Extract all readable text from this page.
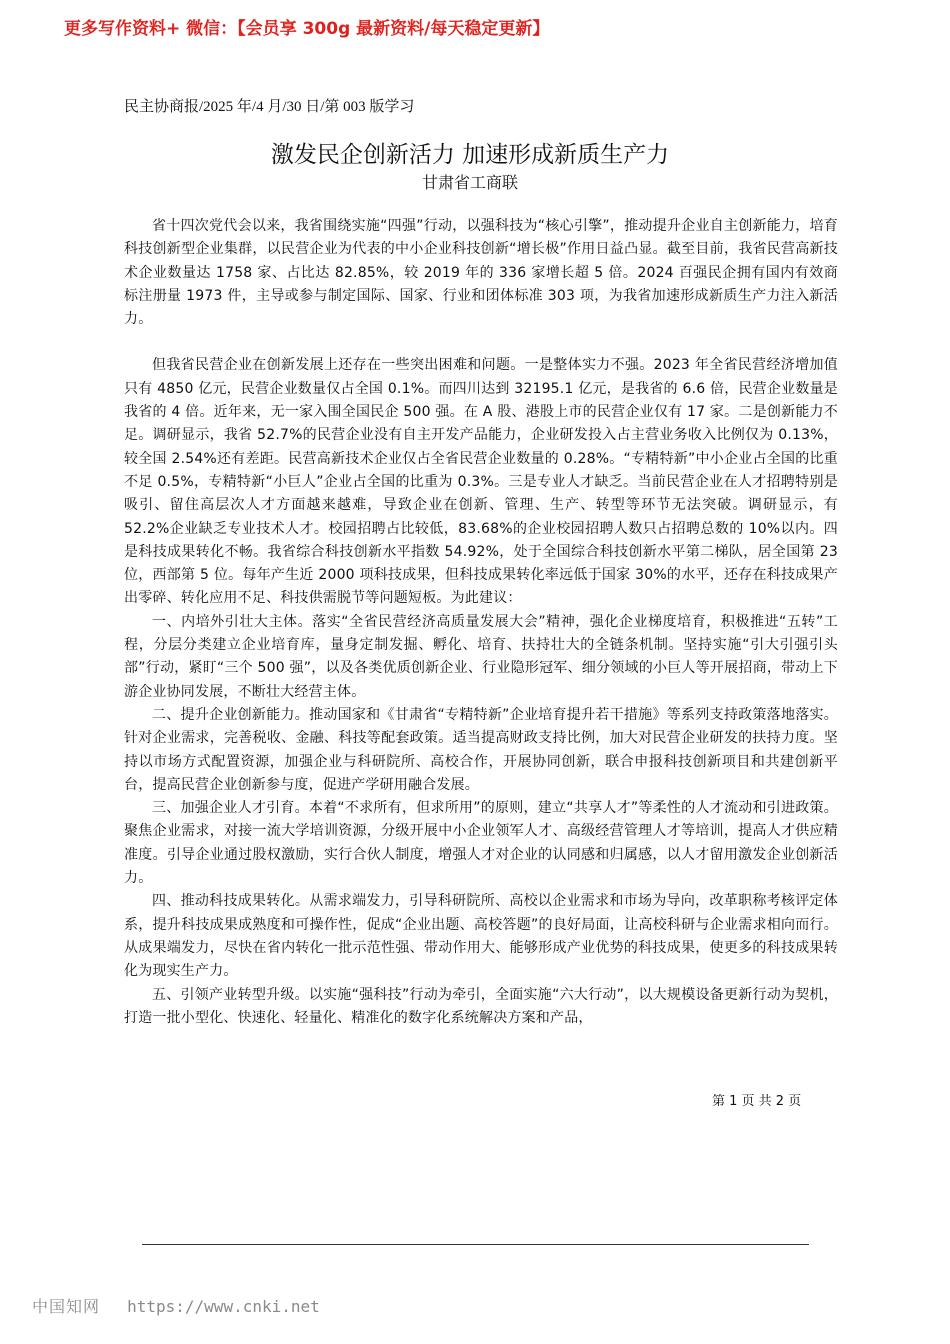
更多写作资料+ 微信：【会员享 300g 最新资料/每天稳定更新】
民主协商报/2025 年/4 月/30 日/第 003 版学习
激发民企创新活力 加速形成新质生产力
甘肃省工商联

省十四次党代会以来，我省围绕实施“四强”行动，以强科技为“核心引擎”，推动提升企业自主创新能力，培育科技创新型企业集群，以民营企业为代表的中小企业科技创新“增长极”作用日益凸显。截至目前，我省民营高新技术企业数量达 1758 家、占比达 82.85%，较 2019 年的 336 家增长超 5 倍。2024 百强民企拥有国内有效商标注册量 1973 件，主导或参与制定国际、国家、行业和团体标准 303 项，为我省加速形成新质生产力注入新活力。

但我省民营企业在创新发展上还存在一些突出困难和问题。一是整体实力不强。2023 年全省民营经济增加值只有 4850 亿元，民营企业数量仅占全国 0.1%。而四川达到 32195.1 亿元，是我省的 6.6 倍，民营企业数量是我省的 4 倍。近年来，无一家入围全国民企 500 强。在 A 股、港股上市的民营企业仅有 17 家。二是创新能力不足。调研显示，我省 52.7%的民营企业没有自主开发产品能力，企业研发投入占主营业务收入比例仅为 0.13%，较全国 2.54%还有差距。民营高新技术企业仅占全省民营企业数量的 0.28%。“专精特新”中小企业占全国的比重不足 0.5%，专精特新“小巨人”企业占全国的比重为 0.3%。三是专业人才缺乏。当前民营企业在人才招聘特别是吸引、留住高层次人才方面越来越难，导致企业在创新、管理、生产、转型等环节无法突破。调研显示，有 52.2%企业缺乏专业技术人才。校园招聘占比较低，83.68%的企业校园招聘人数只占招聘总数的 10%以内。四是科技成果转化不畅。我省综合科技创新水平指数 54.92%，处于全国综合科技创新水平第二梯队，居全国第 23 位，西部第 5 位。每年产生近 2000 项科技成果，但科技成果转化率远低于国家 30%的水平，还存在科技成果产出零碎、转化应用不足、科技供需脱节等问题短板。为此建议：

一、内培外引壮大主体。落实“全省民营经济高质量发展大会”精神，强化企业梯度培育，积极推进“五转”工程，分层分类建立企业培育库，量身定制发掘、孵化、培育、扶持壮大的全链条机制。坚持实施“引大引强引头部”行动，紧盯“三个 500 强”，以及各类优质创新企业、行业隐形冠军、细分领域的小巨人等开展招商，带动上下游企业协同发展，不断壮大经营主体。

二、提升企业创新能力。推动国家和《甘肃省“专精特新”企业培育提升若干措施》等系列支持政策落地落实。针对企业需求，完善税收、金融、科技等配套政策。适当提高财政支持比例，加大对民营企业研发的扶持力度。坚持以市场方式配置资源，加强企业与科研院所、高校合作，开展协同创新，联合申报科技创新项目和共建创新平台，提高民营企业创新参与度，促进产学研用融合发展。

三、加强企业人才引育。本着“不求所有，但求所用”的原则，建立“共享人才”等柔性的人才流动和引进政策。聚焦企业需求，对接一流大学培训资源，分级开展中小企业领军人才、高级经营管理人才等培训，提高人才供应精准度。引导企业通过股权激励，实行合伙人制度，增强人才对企业的认同感和归属感，以人才留用激发企业创新活力。

四、推动科技成果转化。从需求端发力，引导科研院所、高校以企业需求和市场为导向，改革职称考核评定体系，提升科技成果成熟度和可操作性，促成“企业出题、高校答题”的良好局面，让高校科研与企业需求相向而行。从成果端发力，尽快在省内转化一批示范性强、带动作用大、能够形成产业优势的科技成果，使更多的科技成果转化为现实生产力。

五、引领产业转型升级。以实施“强科技”行动为牵引，全面实施“六大行动”，以大规模设备更新行动为契机，打造一批小型化、快速化、轻量化、精准化的数字化系统解决方案和产品，

第 1 页 共 2 页
中国知网 https://www.cnki.net
